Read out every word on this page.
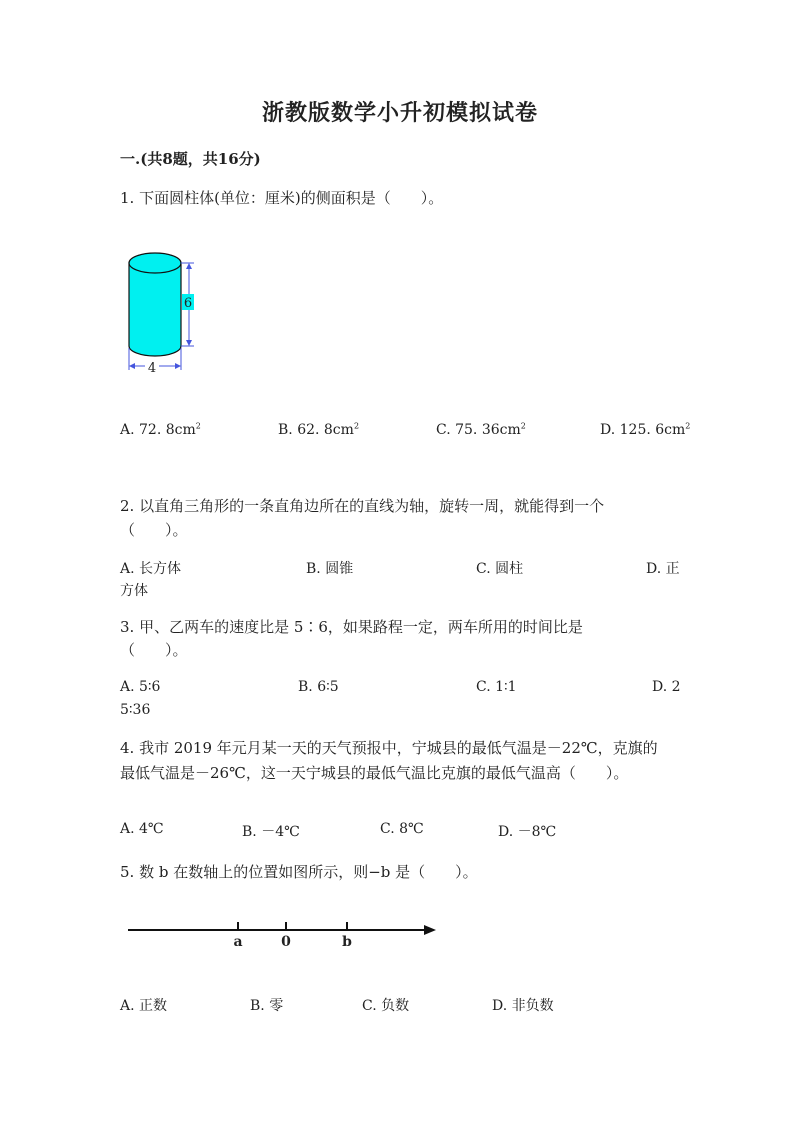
浙教版数学小升初模拟试卷
一.(共8题，共16分)
1. 下面圆柱体(单位：厘米)的侧面积是（　　）。
6
4
A. 72. $8cm^2$	B. 62. $8cm^2$	C. 75. $36cm^2$	D. 125. $6cm^2$
2. 以直角三角形的一条直角边所在的直线为轴，旋转一周，就能得到一个
（　　）。
A. 长方体	B. 圆锥	C. 圆柱	D. 正
方体
3. 甲、乙两车的速度比是 5∶6，如果路程一定，两车所用的时间比是
（　　）。
A. 5∶6	B. 6∶5	C. 1∶1	D. 2
5∶36
4. 我市 2019 年元月某一天的天气预报中，宁城县的最低气温是－22℃，克旗的
最低气温是－26℃，这一天宁城县的最低气温比克旗的最低气温高（　　）。
A. 4℃	B. －4℃	C. 8℃	D. －8℃
5. 数 b 在数轴上的位置如图所示，则−b 是（　　）。
a	0	b
A. 正数	B. 零	C. 负数	D. 非负数
